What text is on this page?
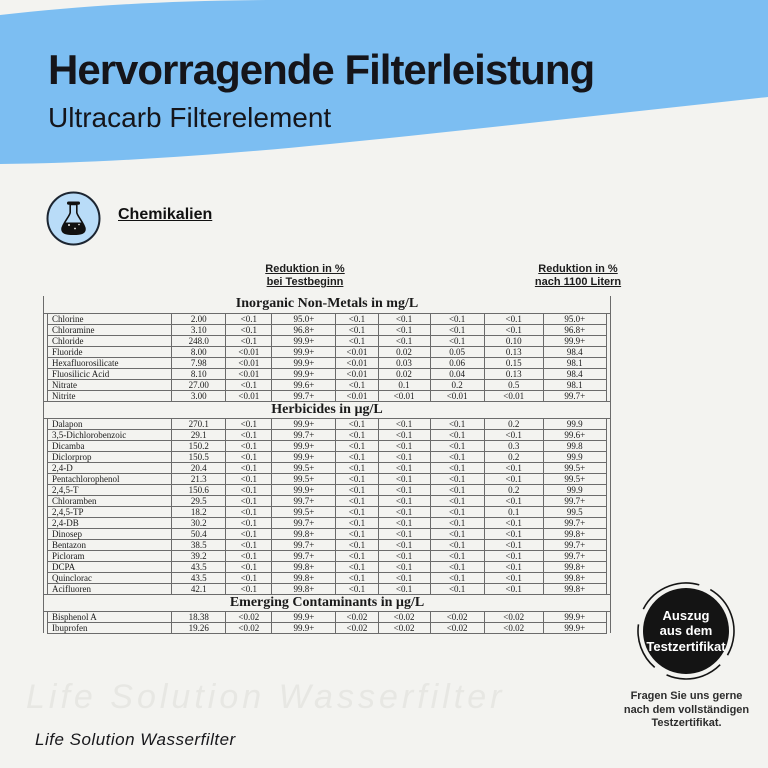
Hervorragende Filterleistung
Ultracarb Filterelement
Chemikalien
Reduktion in %
bei Testbeginn
Reduktion in %
nach 1100 Litern
Inorganic Non-Metals in mg/L										
	Chlorine	2.00	<0.1	95.0+	<0.1	<0.1	<0.1	<0.1	95.0+	
	Chloramine	3.10	<0.1	96.8+	<0.1	<0.1	<0.1	<0.1	96.8+	
	Chloride	248.0	<0.1	99.9+	<0.1	<0.1	<0.1	0.10	99.9+	
	Fluoride	8.00	<0.01	99.9+	<0.01	0.02	0.05	0.13	98.4	
	Hexafluorosilicate	7.98	<0.01	99.9+	<0.01	0.03	0.06	0.15	98.1	
	Fluosilicic Acid	8.10	<0.01	99.9+	<0.01	0.02	0.04	0.13	98.4	
	Nitrate	27.00	<0.1	99.6+	<0.1	0.1	0.2	0.5	98.1	
	Nitrite	3.00	<0.01	99.7+	<0.01	<0.01	<0.01	<0.01	99.7+	
Herbicides in µg/L										
	Dalapon	270.1	<0.1	99.9+	<0.1	<0.1	<0.1	0.2	99.9	
	3,5-Dichlorobenzoic	29.1	<0.1	99.7+	<0.1	<0.1	<0.1	<0.1	99.6+	
	Dicamba	150.2	<0.1	99.9+	<0.1	<0.1	<0.1	0.3	99.8	
	Diclorprop	150.5	<0.1	99.9+	<0.1	<0.1	<0.1	0.2	99.9	
	2,4-D	20.4	<0.1	99.5+	<0.1	<0.1	<0.1	<0.1	99.5+	
	Pentachlorophenol	21.3	<0.1	99.5+	<0.1	<0.1	<0.1	<0.1	99.5+	
	2,4,5-T	150.6	<0.1	99.9+	<0.1	<0.1	<0.1	0.2	99.9	
	Chloramben	29.5	<0.1	99.7+	<0.1	<0.1	<0.1	<0.1	99.7+	
	2,4,5-TP	18.2	<0.1	99.5+	<0.1	<0.1	<0.1	0.1	99.5	
	2,4-DB	30.2	<0.1	99.7+	<0.1	<0.1	<0.1	<0.1	99.7+	
	Dinosep	50.4	<0.1	99.8+	<0.1	<0.1	<0.1	<0.1	99.8+	
	Bentazon	38.5	<0.1	99.7+	<0.1	<0.1	<0.1	<0.1	99.7+	
	Picloram	39.2	<0.1	99.7+	<0.1	<0.1	<0.1	<0.1	99.7+	
	DCPA	43.5	<0.1	99.8+	<0.1	<0.1	<0.1	<0.1	99.8+	
	Quinclorac	43.5	<0.1	99.8+	<0.1	<0.1	<0.1	<0.1	99.8+	
	Acifluoren	42.1	<0.1	99.8+	<0.1	<0.1	<0.1	<0.1	99.8+	
Emerging Contaminants in µg/L										
	Bisphenol A	18.38	<0.02	99.9+	<0.02	<0.02	<0.02	<0.02	99.9+	
	Ibuprofen	19.26	<0.02	99.9+	<0.02	<0.02	<0.02	<0.02	99.9+	
Auszug
aus dem
Testzertifikat
Fragen Sie uns gerne
nach dem vollständigen
Testzertifikat.
Life Solution Wasserfilter
Life Solution Wasserfilter
